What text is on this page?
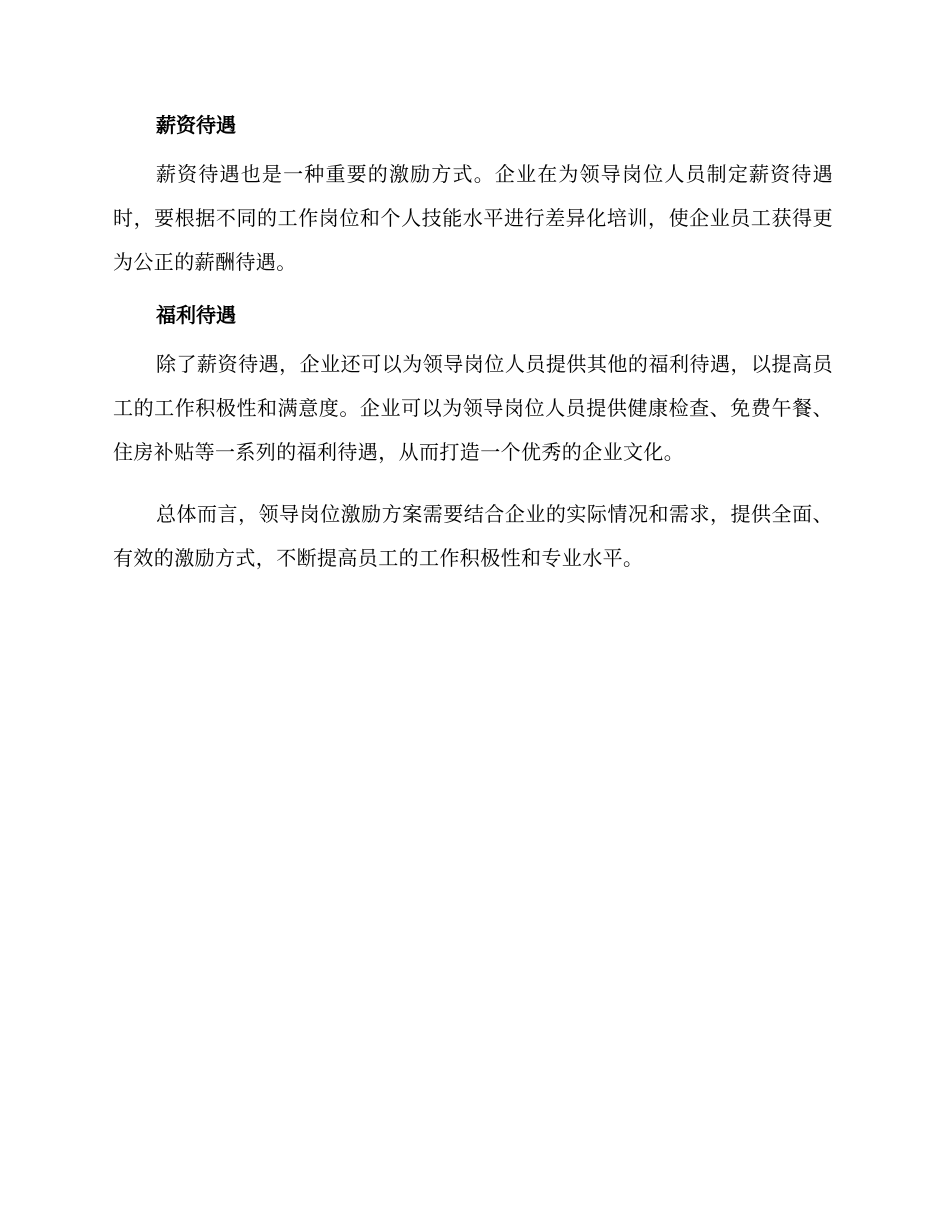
薪资待遇

薪资待遇也是一种重要的激励方式。企业在为领导岗位人员制定薪资待遇时，要根据不同的工作岗位和个人技能水平进行差异化培训，使企业员工获得更为公正的薪酬待遇。

福利待遇

除了薪资待遇，企业还可以为领导岗位人员提供其他的福利待遇，以提高员工的工作积极性和满意度。企业可以为领导岗位人员提供健康检查、免费午餐、住房补贴等一系列的福利待遇，从而打造一个优秀的企业文化。

总体而言，领导岗位激励方案需要结合企业的实际情况和需求，提供全面、有效的激励方式，不断提高员工的工作积极性和专业水平。
